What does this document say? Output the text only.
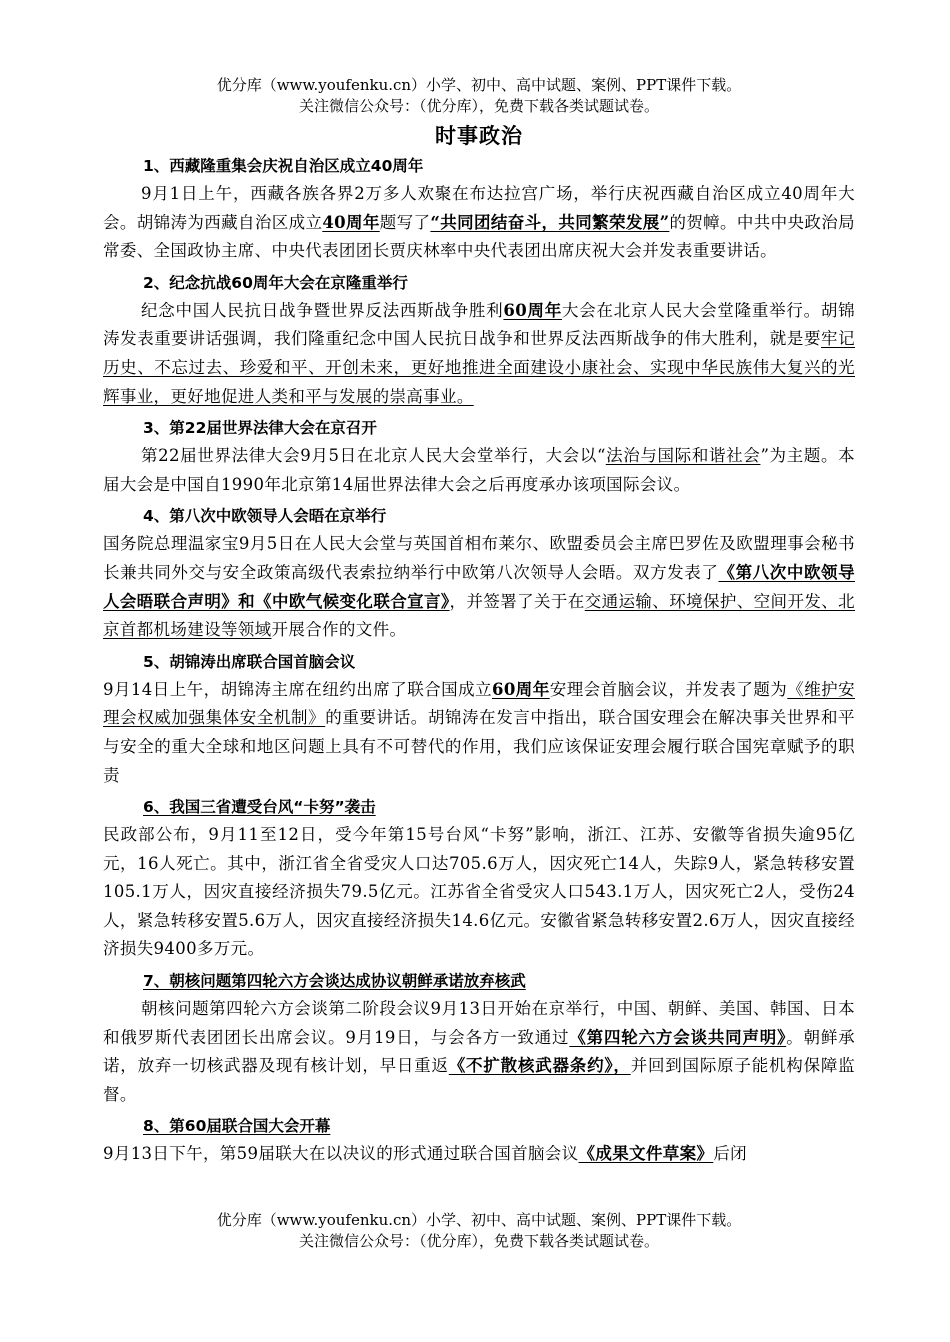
优分库（www.youfenku.cn）小学、初中、高中试题、案例、PPT课件下载。
关注微信公众号：（优分库），免费下载各类试题试卷。
时事政治
1、西藏隆重集会庆祝自治区成立40周年

9月1日上午，西藏各族各界2万多人欢聚在布达拉宫广场，举行庆祝西藏自治区成立40周年大会。胡锦涛为西藏自治区成立40周年题写了“共同团结奋斗，共同繁荣发展”的贺幛。中共中央政治局常委、全国政协主席、中央代表团团长贾庆林率中央代表团出席庆祝大会并发表重要讲话。

2、纪念抗战60周年大会在京隆重举行

纪念中国人民抗日战争暨世界反法西斯战争胜利60周年大会在北京人民大会堂隆重举行。胡锦涛发表重要讲话强调，我们隆重纪念中国人民抗日战争和世界反法西斯战争的伟大胜利，就是要牢记历史、不忘过去、珍爱和平、开创未来，更好地推进全面建设小康社会、实现中华民族伟大复兴的光辉事业，更好地促进人类和平与发展的崇高事业。

3、第22届世界法律大会在京召开

第22届世界法律大会9月5日在北京人民大会堂举行，大会以“法治与国际和谐社会”为主题。本届大会是中国自1990年北京第14届世界法律大会之后再度承办该项国际会议。

4、第八次中欧领导人会晤在京举行

国务院总理温家宝9月5日在人民大会堂与英国首相布莱尔、欧盟委员会主席巴罗佐及欧盟理事会秘书长兼共同外交与安全政策高级代表索拉纳举行中欧第八次领导人会晤。双方发表了《第八次中欧领导人会晤联合声明》和《中欧气候变化联合宣言》，并签署了关于在交通运输、环境保护、空间开发、北京首都机场建设等领域开展合作的文件。

5、胡锦涛出席联合国首脑会议

9月14日上午，胡锦涛主席在纽约出席了联合国成立60周年安理会首脑会议，并发表了题为《维护安理会权威加强集体安全机制》的重要讲话。胡锦涛在发言中指出，联合国安理会在解决事关世界和平与安全的重大全球和地区问题上具有不可替代的作用，我们应该保证安理会履行联合国宪章赋予的职责

6、我国三省遭受台风“卡努”袭击

民政部公布，9月11至12日，受今年第15号台风“卡努”影响，浙江、江苏、安徽等省损失逾95亿元，16人死亡。其中，浙江省全省受灾人口达705.6万人，因灾死亡14人，失踪9人，紧急转移安置105.1万人，因灾直接经济损失79.5亿元。江苏省全省受灾人口543.1万人，因灾死亡2人，受伤24人，紧急转移安置5.6万人，因灾直接经济损失14.6亿元。安徽省紧急转移安置2.6万人，因灾直接经济损失9400多万元。

7、朝核问题第四轮六方会谈达成协议朝鲜承诺放弃核武

朝核问题第四轮六方会谈第二阶段会议9月13日开始在京举行，中国、朝鲜、美国、韩国、日本和俄罗斯代表团团长出席会议。9月19日，与会各方一致通过《第四轮六方会谈共同声明》。朝鲜承诺，放弃一切核武器及现有核计划，早日重返《不扩散核武器条约》，并回到国际原子能机构保障监督。

8、第60届联合国大会开幕

9月13日下午，第59届联大在以决议的形式通过联合国首脑会议《成果文件草案》后闭

优分库（www.youfenku.cn）小学、初中、高中试题、案例、PPT课件下载。
关注微信公众号：（优分库），免费下载各类试题试卷。
